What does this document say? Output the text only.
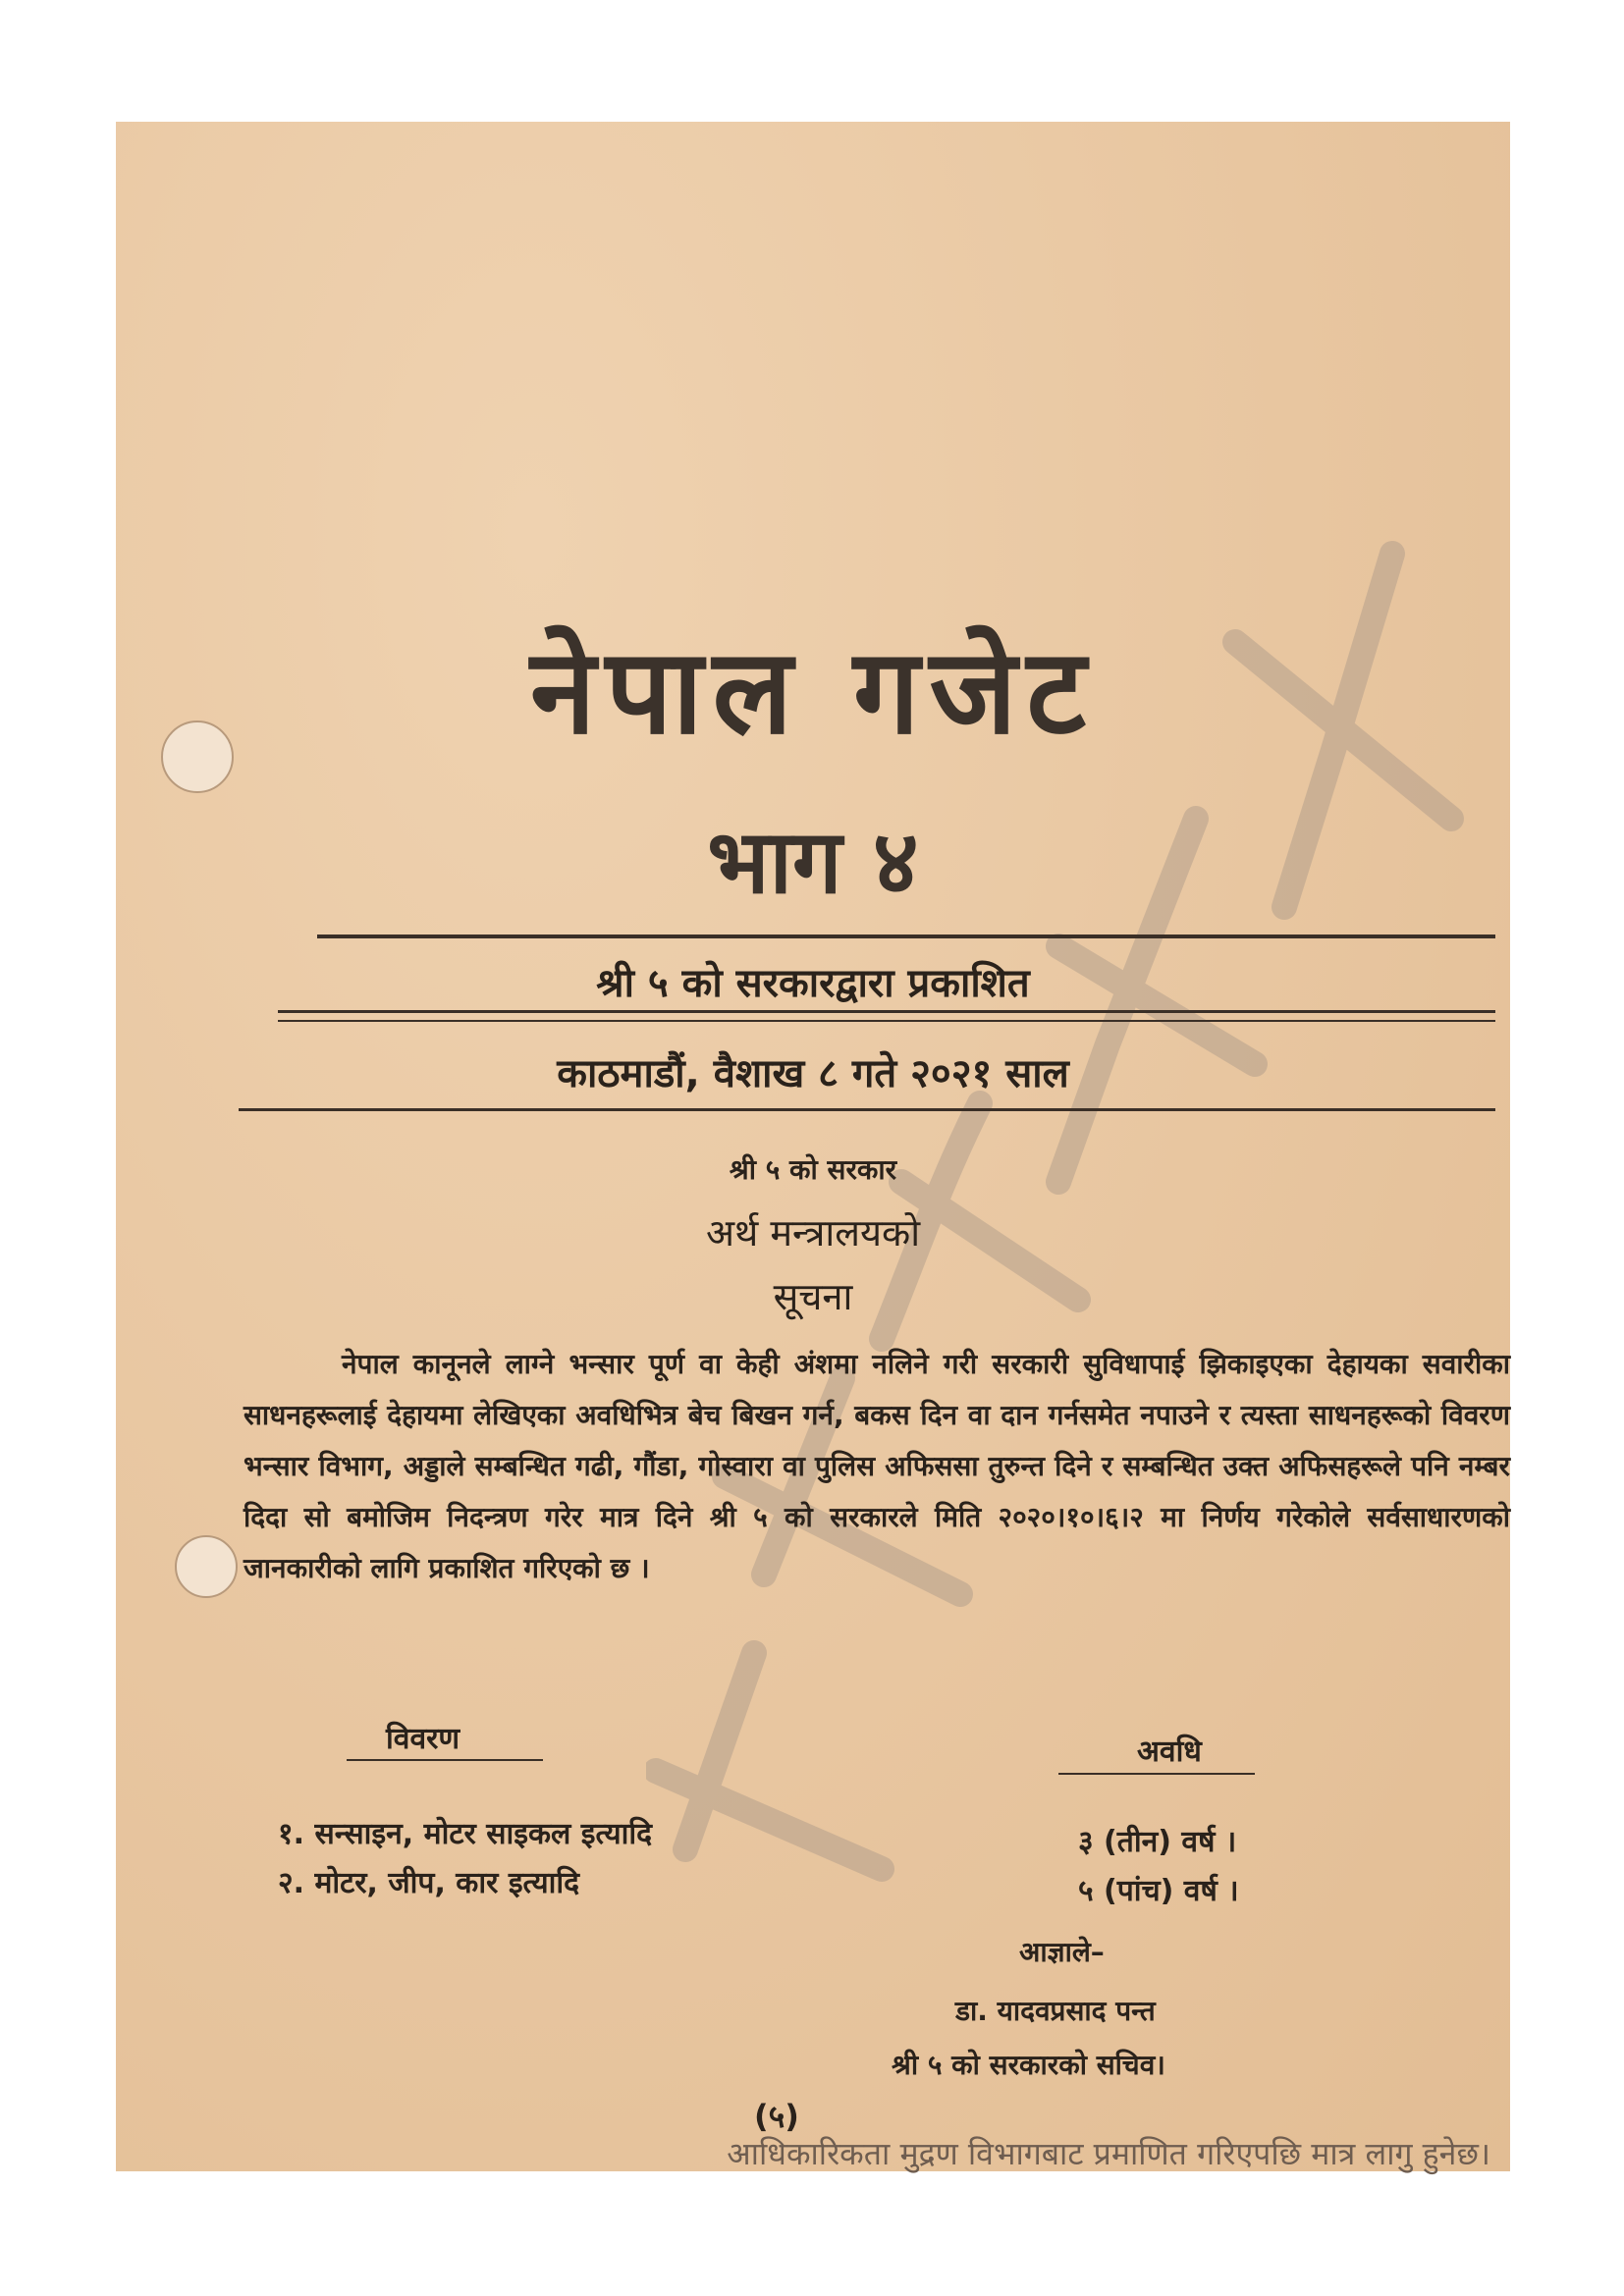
नेपाल गजेट
भाग ४
श्री ५ को सरकारद्वारा प्रकाशित
काठमाडौं, वैशाख ८ गते २०२१ साल
श्री ५ को सरकार
अर्थ मन्त्रालयको
सूचना
नेपाल कानूनले लाग्ने भन्सार पूर्ण वा केही अंशमा नलिने गरी सरकारी सुविधापाई झिकाइएका देहायका सवारीका साधनहरूलाई देहायमा लेखिएका अवधिभित्र बेच बिखन गर्न, बकस दिन वा दान गर्नसमेत नपाउने र त्यस्ता साधनहरूको विवरण भन्सार विभाग, अड्डाले सम्बन्धित गढी, गौंडा, गोस्वारा वा पुलिस अफिससा तुरुन्त दिने र सम्बन्धित उक्त अफिसहरूले पनि नम्बर दिदा सो बमोजिम निदन्त्रण गरेर मात्र दिने श्री ५ को सरकारले मिति २०२०।१०।६।२ मा निर्णय गरेकोले सर्वसाधारणको जानकारीको लागि प्रकाशित गरिएको छ ।
विवरण	अवधि
१. सन्साइन, मोटर साइकल इत्यादि	३ (तीन) वर्ष ।
२. मोटर, जीप, कार इत्यादि	५ (पांच) वर्ष ।
आज्ञाले–
डा. यादवप्रसाद पन्त
श्री ५ को सरकारको सचिव।
(५)
आधिकारिकता मुद्रण विभागबाट प्रमाणित गरिएपछि मात्र लागु हुनेछ।
